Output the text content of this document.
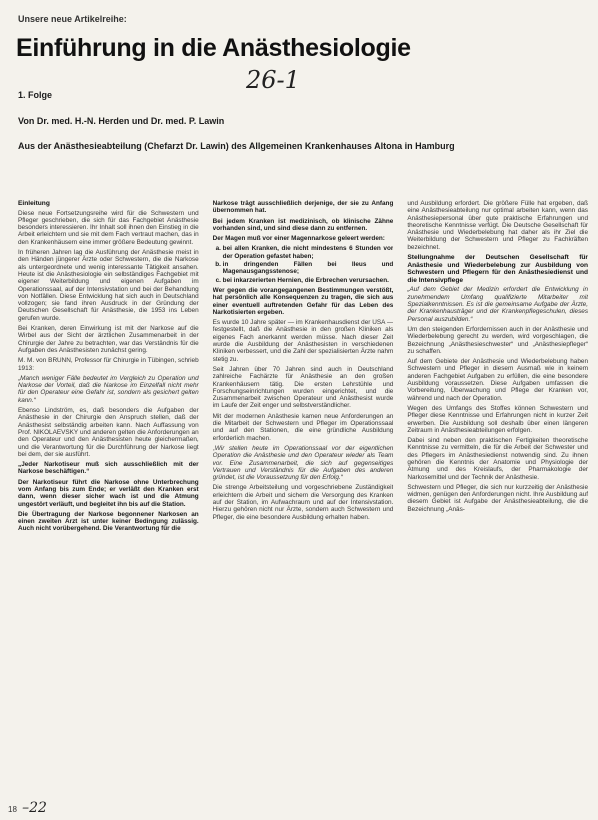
Unsere neue Artikelreihe:
Einführung in die Anästhesiologie
26-1
1. Folge
Von Dr. med. H.-N. Herden und Dr. med. P. Lawin
Aus der Anästhesieabteilung (Chefarzt Dr. Lawin) des Allgemeinen Krankenhauses Altona in Hamburg
Einleitung

Diese neue Fortsetzungsreihe wird für die Schwestern und Pfleger geschrieben, die sich für das Fachgebiet Anästhesie besonders interessieren. Ihr Inhalt soll ihnen den Einstieg in die Arbeit erleichtern und sie mit dem Fach vertraut machen, das in den Krankenhäusern eine immer größere Bedeutung gewinnt.

In früheren Jahren lag die Ausführung der Anästhesie meist in den Händen jüngerer Ärzte oder Schwestern, die die Narkose als untergeordnete und wenig interessante Tätigkeit ansahen. Heute ist die Anästhesiologie ein selbständiges Fachgebiet mit eigener Weiterbildung und eigenen Aufgaben im Operationssaal, auf der Intensivstation und bei der Behandlung von Notfällen. Diese Entwicklung hat sich auch in Deutschland vollzogen; sie fand ihren Ausdruck in der Gründung der Deutschen Gesellschaft für Anästhesie, die 1953 ins Leben gerufen wurde.

Bei Kranken, deren Einwirkung ist mit der Narkose auf die Wirbel aus der Sicht der ärztlichen Zusammenarbeit in der Chirurgie der Jahre zu betrachten, war das Verständnis für die Aufgaben des Anästhesisten zunächst gering.

M. M. von BRUNN, Professor für Chirurgie in Tübingen, schrieb 1913:

„Manch weniger Fälle bedeutet im Vergleich zu Operation und Narkose der Vorteil, daß die Narkose im Einzelfall nicht mehr für den Operateur eine Gefahr ist, sondern als gesichert gelten kann.“

Ebenso Lindström, es, daß besonders die Aufgaben der Anästhesie in der Chirurgie den Anspruch stellen, daß der Anästhesist selbständig arbeiten kann. Nach Auffassung von Prof. NIKOLAEVSKY und anderen gelten die Anforderungen an den Operateur und den Anästhesisten heute gleichermaßen, und die Verantwortung für die Durchführung der Narkose liegt bei dem, der sie ausführt.

„Jeder Narkotiseur muß sich ausschließlich mit der Narkose beschäftigen.“

Der Narkotiseur führt die Narkose ohne Unterbrechung vom Anfang bis zum Ende; er verläßt den Kranken erst dann, wenn dieser sicher wach ist und die Atmung ungestört verläuft, und begleitet ihn bis auf die Station.

Die Übertragung der Narkose begonnener Narkosen an einen zweiten Arzt ist unter keiner Bedingung zulässig. Auch nicht vorübergehend. Die Verantwortung für die

Narkose trägt ausschließlich derjenige, der sie zu Anfang übernommen hat.

Bei jedem Kranken ist medizinisch, ob klinische Zähne vorhanden sind, und sind diese dann zu entfernen.

Der Magen muß vor einer Magennarkose geleert werden:

a. bei allen Kranken, die nicht mindestens 6 Stunden vor der Operation gefastet haben;
b. in dringenden Fällen bei Ileus und Magenausgangsstenose;
c. bei inkarzerierten Hernien, die Erbrechen verursachen.

Wer gegen die vorangegangenen Bestimmungen verstößt, hat persönlich alle Konsequenzen zu tragen, die sich aus einer eventuell auftretenden Gefahr für das Leben des Narkotisierten ergeben.

Es wurde 10 Jahre später — im Krankenhausdienst der USA — festgestellt, daß die Anästhesie in den großen Kliniken als eigenes Fach anerkannt werden müsse. Nach dieser Zeit wurde die Ausbildung der Anästhesisten in verschiedenen Kliniken verbessert, und die Zahl der spezialisierten Ärzte nahm stetig zu.

Seit Jahren über 70 Jahren sind auch in Deutschland zahlreiche Fachärzte für Anästhesie an den großen Krankenhäusern tätig. Die ersten Lehrstühle und Forschungseinrichtungen wurden eingerichtet, und die Zusammenarbeit zwischen Operateur und Anästhesist wurde im Laufe der Zeit enger und selbstverständlicher.

Mit der modernen Anästhesie kamen neue Anforderungen an die Mitarbeit der Schwestern und Pfleger im Operationssaal und auf den Stationen, die eine gründliche Ausbildung erforderlich machen.

„Wir stellen heute im Operationssaal vor der eigentlichen Operation die Anästhesie und den Operateur wieder als Team vor. Eine Zusammenarbeit, die sich auf gegenseitiges Vertrauen und Verständnis für die Aufgaben des anderen gründet, ist die Voraussetzung für den Erfolg.“

Die strenge Arbeitsteilung und vorgeschriebene Zuständigkeit erleichtern die Arbeit und sichern die Versorgung des Kranken auf der Station, im Aufwachraum und auf der Intensivstation. Hierzu gehören nicht nur Ärzte, sondern auch Schwestern und Pfleger, die eine besondere Ausbildung erhalten haben.

und Ausbildung erfordert. Die größere Fülle hat ergeben, daß eine Anästhesieabteilung nur optimal arbeiten kann, wenn das Anästhesiepersonal über gute praktische Erfahrungen und theoretische Kenntnisse verfügt. Die Deutsche Gesellschaft für Anästhesie und Wiederbelebung hat daher als ihr Ziel die Weiterbildung der Schwestern und Pfleger zu Fachkräften bezeichnet.

Stellungnahme der Deutschen Gesellschaft für Anästhesie und Wiederbelebung zur Ausbildung von Schwestern und Pflegern für den Anästhesiedienst und die Intensivpflege

„Auf dem Gebiet der Medizin erfordert die Entwicklung in zunehmendem Umfang qualifizierte Mitarbeiter mit Spezialkenntnissen. Es ist die gemeinsame Aufgabe der Ärzte, der Krankenhausträger und der Krankenpflegeschulen, dieses Personal auszubilden.“

Um den steigenden Erfordernissen auch in der Anästhesie und Wiederbelebung gerecht zu werden, wird vorgeschlagen, die Bezeichnung „Anästhesieschwester“ und „Anästhesiepfleger“ zu schaffen.

Auf dem Gebiete der Anästhesie und Wiederbelebung haben Schwestern und Pfleger in diesem Ausmaß wie in keinem anderen Fachgebiet Aufgaben zu erfüllen, die eine besondere Ausbildung voraussetzen. Diese Aufgaben umfassen die Vorbereitung, Überwachung und Pflege der Kranken vor, während und nach der Operation.

Wegen des Umfangs des Stoffes können Schwestern und Pfleger diese Kenntnisse und Erfahrungen nicht in kurzer Zeit erwerben. Die Ausbildung soll deshalb über einen längeren Zeitraum in Anästhesieabteilungen erfolgen.

Dabei sind neben den praktischen Fertigkeiten theoretische Kenntnisse zu vermitteln, die für die Arbeit der Schwester und des Pflegers im Anästhesiedienst notwendig sind. Zu ihnen gehören die Kenntnis der Anatomie und Physiologie der Atmung und des Kreislaufs, der Pharmakologie der Narkosemittel und der Technik der Anästhesie.

Schwestern und Pfleger, die sich nur kurzzeitig der Anästhesie widmen, genügen den Anforderungen nicht. Ihre Ausbildung auf diesem Gebiet ist Aufgabe der Anästhesieabteilung, die die Bezeichnung „Anäs-

18 –22
